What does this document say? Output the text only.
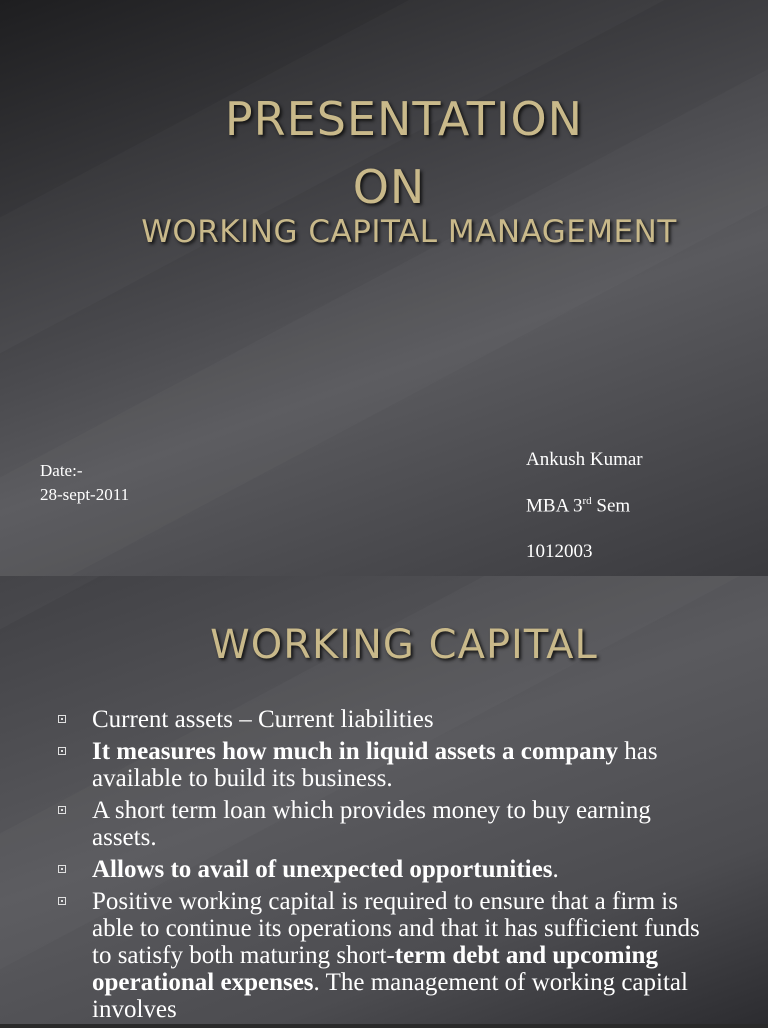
PRESENTATION
ON
WORKING CAPITAL MANAGEMENT
Date:-
28-sept-2011
Ankush Kumar
MBA 3rd Sem
1012003
WORKING CAPITAL
Current assets – Current liabilities
It measures how much in liquid assets a company has available to build its business.
A short term loan which provides money to buy earning assets.
Allows to avail of unexpected opportunities.
Positive working capital is required to ensure that a firm is able to continue its operations and that it has sufficient funds to satisfy both maturing short-term debt and upcoming operational expenses. The management of working capital involves
